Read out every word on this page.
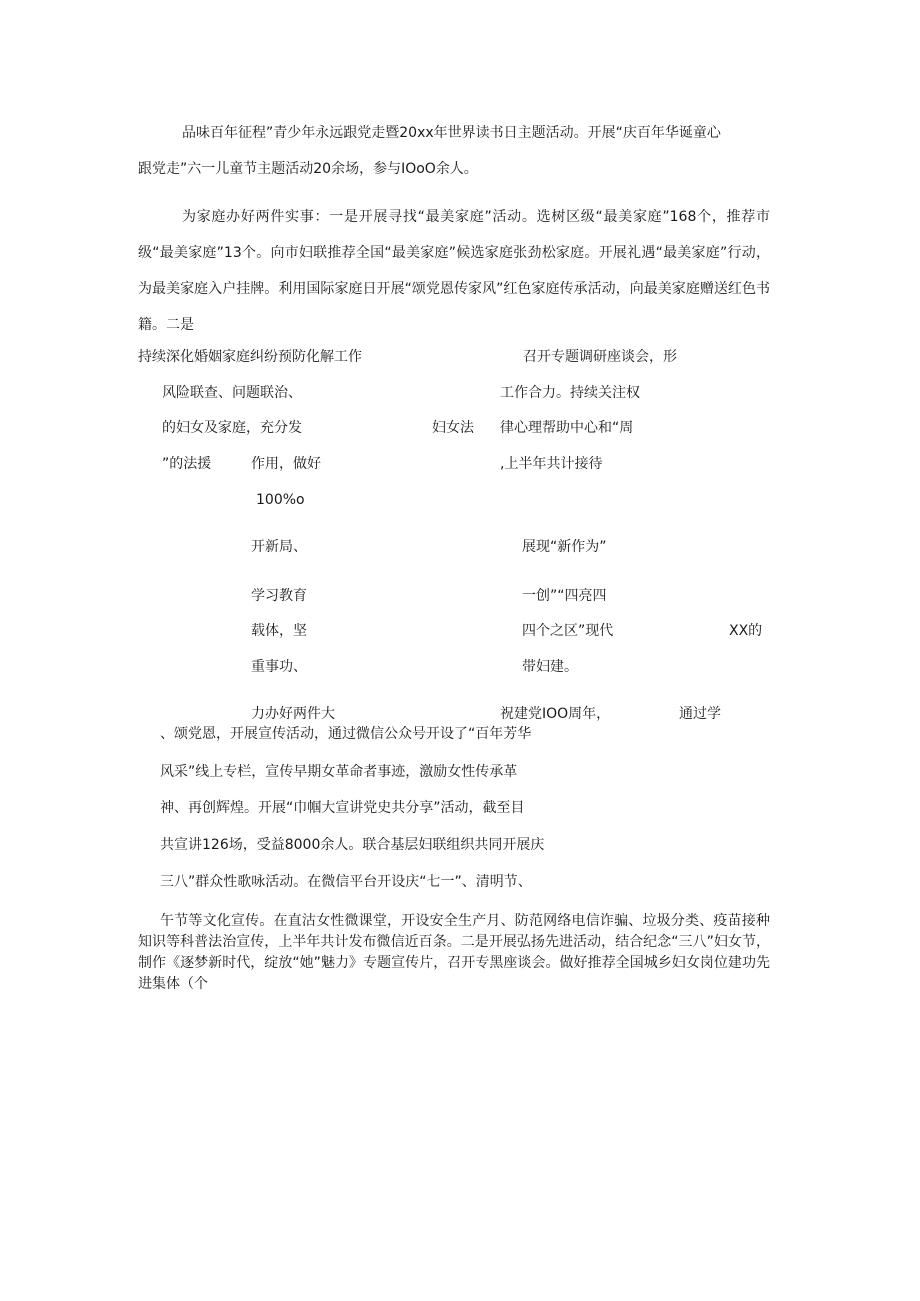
品味百年征程”青少年永远跟党走暨20xx年世界读书日主题活动。开展“庆百年华诞童心
跟党走”六一儿童节主题活动20余场，参与IOoO余人。
为家庭办好两件实事：一是开展寻找“最美家庭”活动。选树区级“最美家庭”168个，推荐市级“最美家庭”13个。向市妇联推荐全国“最美家庭”候选家庭张劲松家庭。开展礼遇“最美家庭”行动，为最美家庭入户挂牌。利用国际家庭日开展“颂党恩传家风”红色家庭传承活动，向最美家庭赠送红色书籍。二是
持续深化婚姻家庭纠纷预防化解工作	召开专题调研座谈会，形
风险联查、问题联治、	工作合力。持续关注权
的妇女及家庭，充分发	妇女法 律心理帮助中心和“周
”的法援	作用，做好	,上半年共计接待
100%o
开新局、	展现“新作为”
学习教育	一创”“四亮四
载体，坚	四个之区”现代	XX的
重事功、	带妇建。
力办好两件大	祝建党IOO周年，	通过学
、颂党恩，开展宣传活动，通过微信公众号开设了“百年芳华
风采”线上专栏，宣传早期女革命者事迹，激励女性传承革
神、再创辉煌。开展“巾帼大宣讲党史共分享”活动，截至目
共宣讲126场，受益8000余人。联合基层妇联组织共同开展庆
三八”群众性歌咏活动。在微信平台开设庆“七一”、清明节、
午节等文化宣传。在直沽女性微课堂，开设安全生产月、防范网络电信诈骗、垃圾分类、疫苗接种知识等科普法治宣传，上半年共计发布微信近百条。二是开展弘扬先进活动，结合纪念“三八”妇女节，制作《逐梦新时代，绽放“她”魅力》专题宣传片，召开专黑座谈会。做好推荐全国城乡妇女岗位建功先进集体（个
